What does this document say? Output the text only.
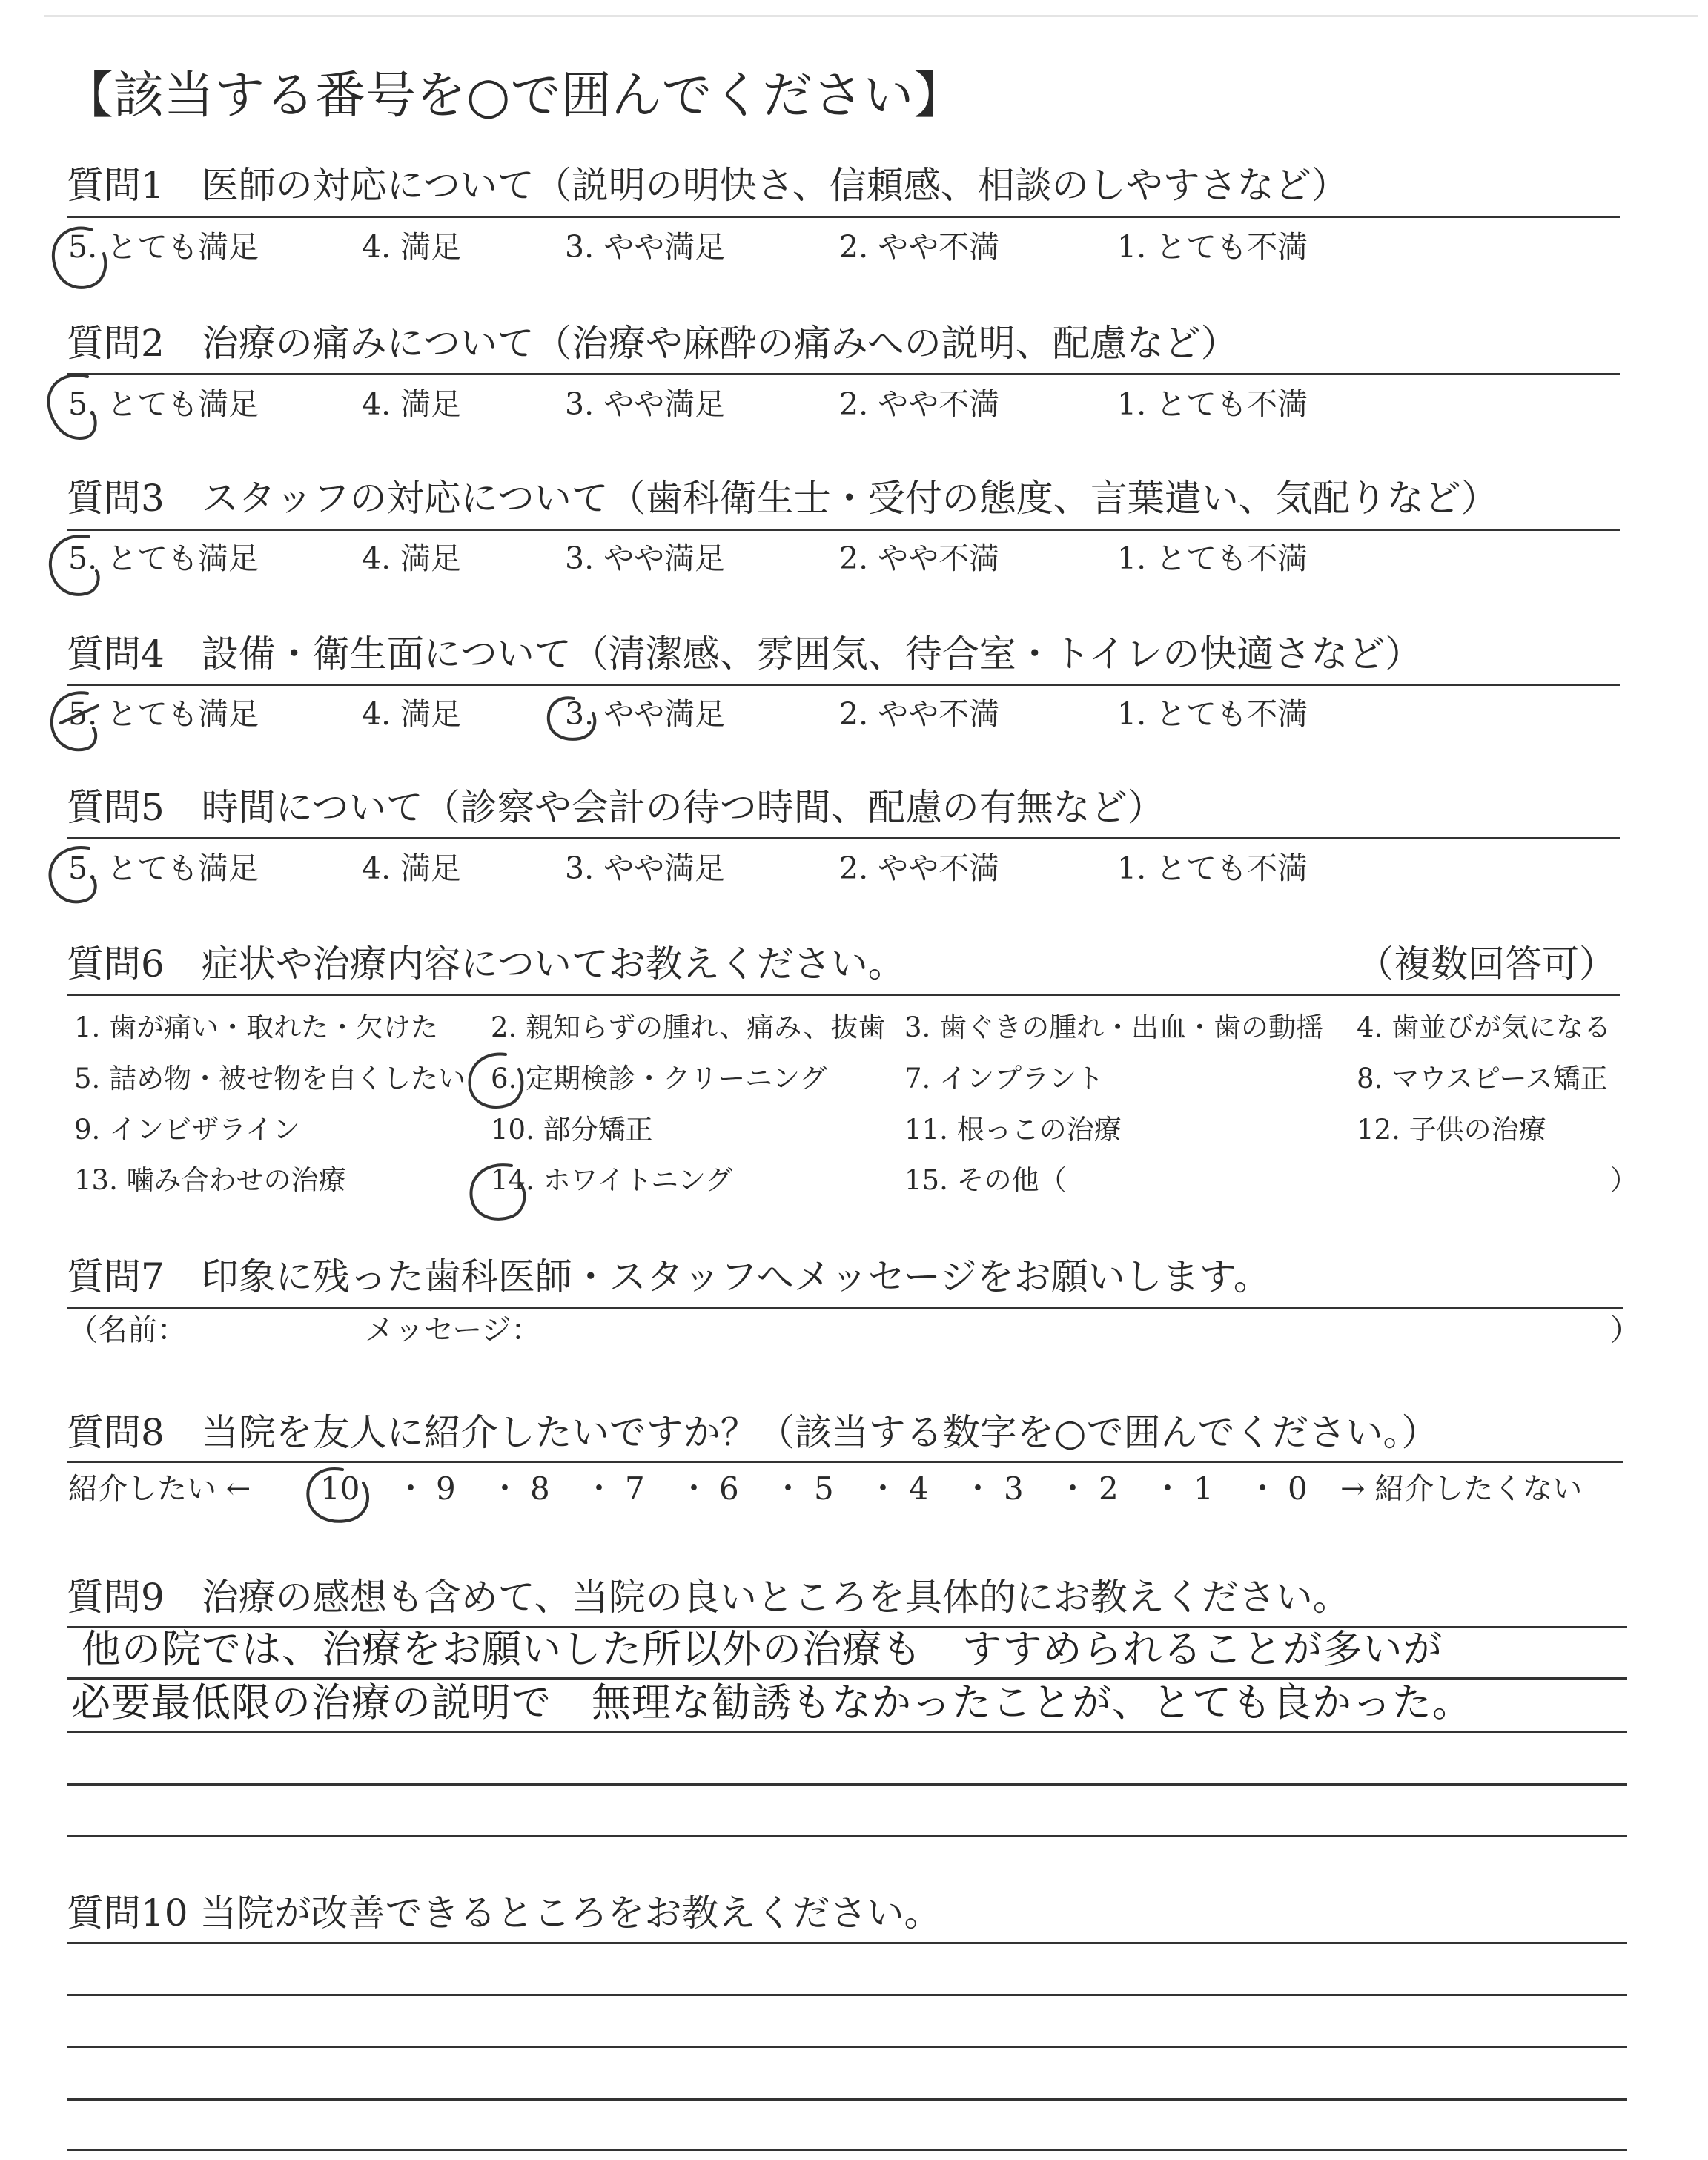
【該当する番号を○で囲んでください】
質問1　医師の対応について（説明の明快さ、信頼感、相談のしやすさなど）
5. とても満足	4. 満足	3. やや満足	2. やや不満	1. とても不満
質問2　治療の痛みについて（治療や麻酔の痛みへの説明、配慮など）
5. とても満足	4. 満足	3. やや満足	2. やや不満	1. とても不満
質問3　スタッフの対応について（歯科衛生士・受付の態度、言葉遣い、気配りなど）
5. とても満足	4. 満足	3. やや満足	2. やや不満	1. とても不満
質問4　設備・衛生面について（清潔感、雰囲気、待合室・トイレの快適さなど）
5. とても満足	4. 満足	3. やや満足	2. やや不満	1. とても不満
質問5　時間について（診察や会計の待つ時間、配慮の有無など）
5. とても満足	4. 満足	3. やや満足	2. やや不満	1. とても不満
質問6　症状や治療内容についてお教えください。	（複数回答可）
1. 歯が痛い・取れた・欠けた 2. 親知らずの腫れ、痛み、抜歯 3. 歯ぐきの腫れ・出血・歯の動揺 4. 歯並びが気になる
5. 詰め物・被せ物を白くしたい 6. 定期検診・クリーニング	7. インプラント	8. マウスピース矯正
9. インビザライン	10. 部分矯正	11. 根っこの治療	12. 子供の治療
13. 噛み合わせの治療	14. ホワイトニング	15. その他（	）
質問7　印象に残った歯科医師・スタッフへメッセージをお願いします。
（名前：	メッセージ：	）
質問8　当院を友人に紹介したいですか？（該当する数字を○で囲んでください。）
紹介したい ← 10 ・ 9 ・ 8 ・ 7 ・ 6 ・ 5 ・ 4 ・ 3 ・ 2 ・ 1 ・ 0 → 紹介したくない
質問9　治療の感想も含めて、当院の良いところを具体的にお教えください。
他の院では、治療をお願いした所以外の治療も　すすめられることが多いが
必要最低限の治療の説明で　無理な勧誘もなかったことが、とても良かった。
質問10 当院が改善できるところをお教えください。
